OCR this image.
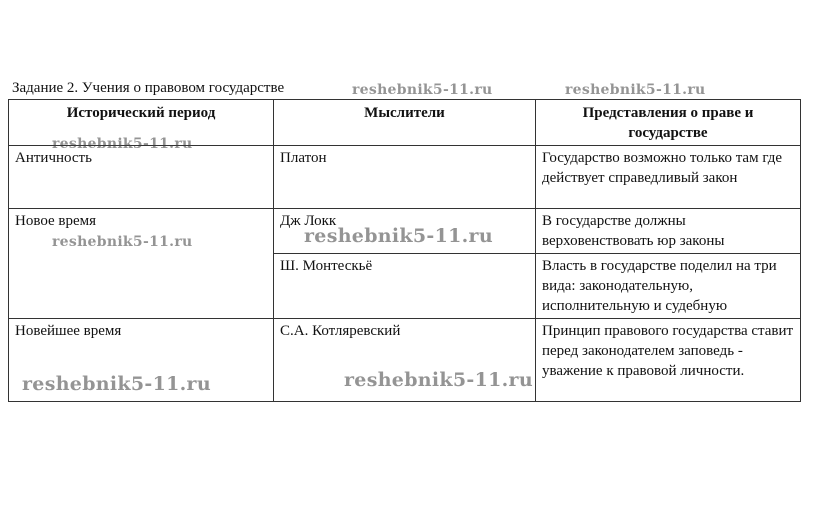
Задание 2. Учения о правовом государстве
Исторический период	Мыслители	Представления о праве и государстве
Античность	Платон	Государство возможно только там где действует справедливый закон
Новое время	Дж Локк	В государстве должны верховенствовать юр законы
	Ш. Монтескьё	Власть в государстве поделил на три вида: законодательную, исполнительную и судебную
Новейшее время	С.А. Котляревский	Принцип правового государства ставит перед законодателем заповедь - уважение к правовой личности.
reshebnik5-11.ru	reshebnik5-11.ru
reshebnik5-11.ru
reshebnik5-11.ru	reshebnik5-11.ru
reshebnik5-11.ru	reshebnik5-11.ru
